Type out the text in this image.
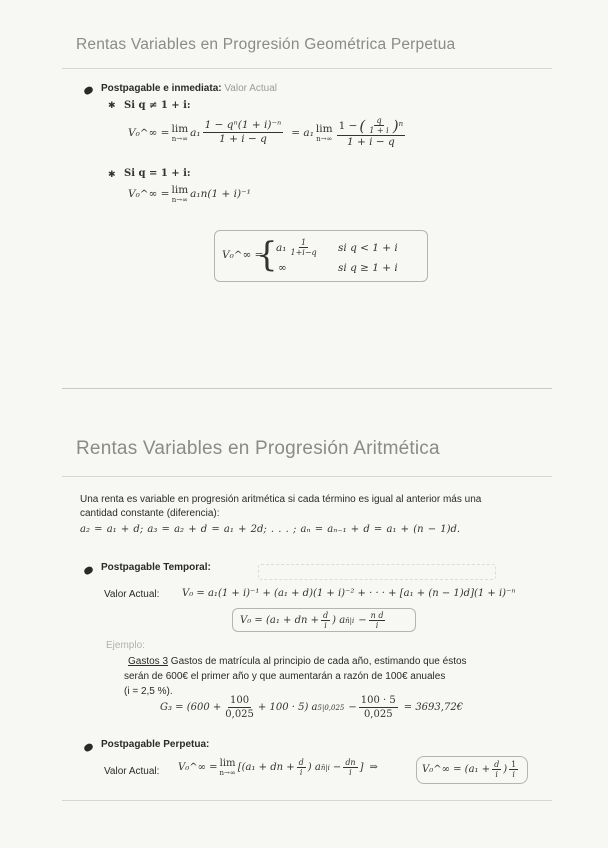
Rentas Variables en Progresión Geométrica Perpetua
Postpagable e inmediata: Valor Actual
✱ Si q ≠ 1 + i:
V₀^∞ = lim
n→∞ $a_1 \frac{\text{1 − qⁿ(1 + i)⁻ⁿ}}{1 + i - q} = a_1$ lim
$n\to\infty \frac{1 - ( \frac{q}{1 + i} ) n}{1 + i - q}$
✱ Si q = 1 + i:
V₀^∞ = lim
n→∞ a₁n(1 + i)⁻¹
V₀^∞ =
{
$a_1 \frac{1}{1+i-q}$ si q < 1 + i
∞	si q ≥ 1 + i
Rentas Variables en Progresión Aritmética
Una renta es variable en progresión aritmética si cada término es igual al anterior más una
cantidad constante (diferencia):
a₂ = a₁ + d; a₃ = a₂ + d = a₁ + 2d; . . . ; aₙ = aₙ₋₁ + d = a₁ + (n − 1)d.
Postpagable Temporal:
Valor Actual: V₀ = a₁(1 + i)⁻¹ + (a₁ + d)(1 + i)⁻² + · · · + [a₁ + (n − 1)d](1 + i)⁻ⁿ
V₀ = (a₁ + dn + $\frac{d}{i}$ ) a n̄|i − $\frac{\text{n d}}{i}$
Ejemplo:
Gastos 3 Gastos de matrícula al principio de cada año, estimando que éstos
serán de 600€ el primer año y que aumentarán a razón de 100€ anuales
(i = 2,5 %).
$G_3 = (600 + \frac{100}{0,025} + 100 \cdot 5)$ a 5̄|0,025 − $\frac{100 \cdot 5}{0,025}$ = 3693,72€
Postpagable Perpetua:
Valor Actual: V₀^∞ = lim
n→∞ [(a₁ + dn + $\frac{d}{i}$ ) a n̄|i − $\frac{dn}{i}$ ] ⇒	V₀^∞ = ($a_1 + \frac{d}{i}$ ) $\frac{1}{i}$
